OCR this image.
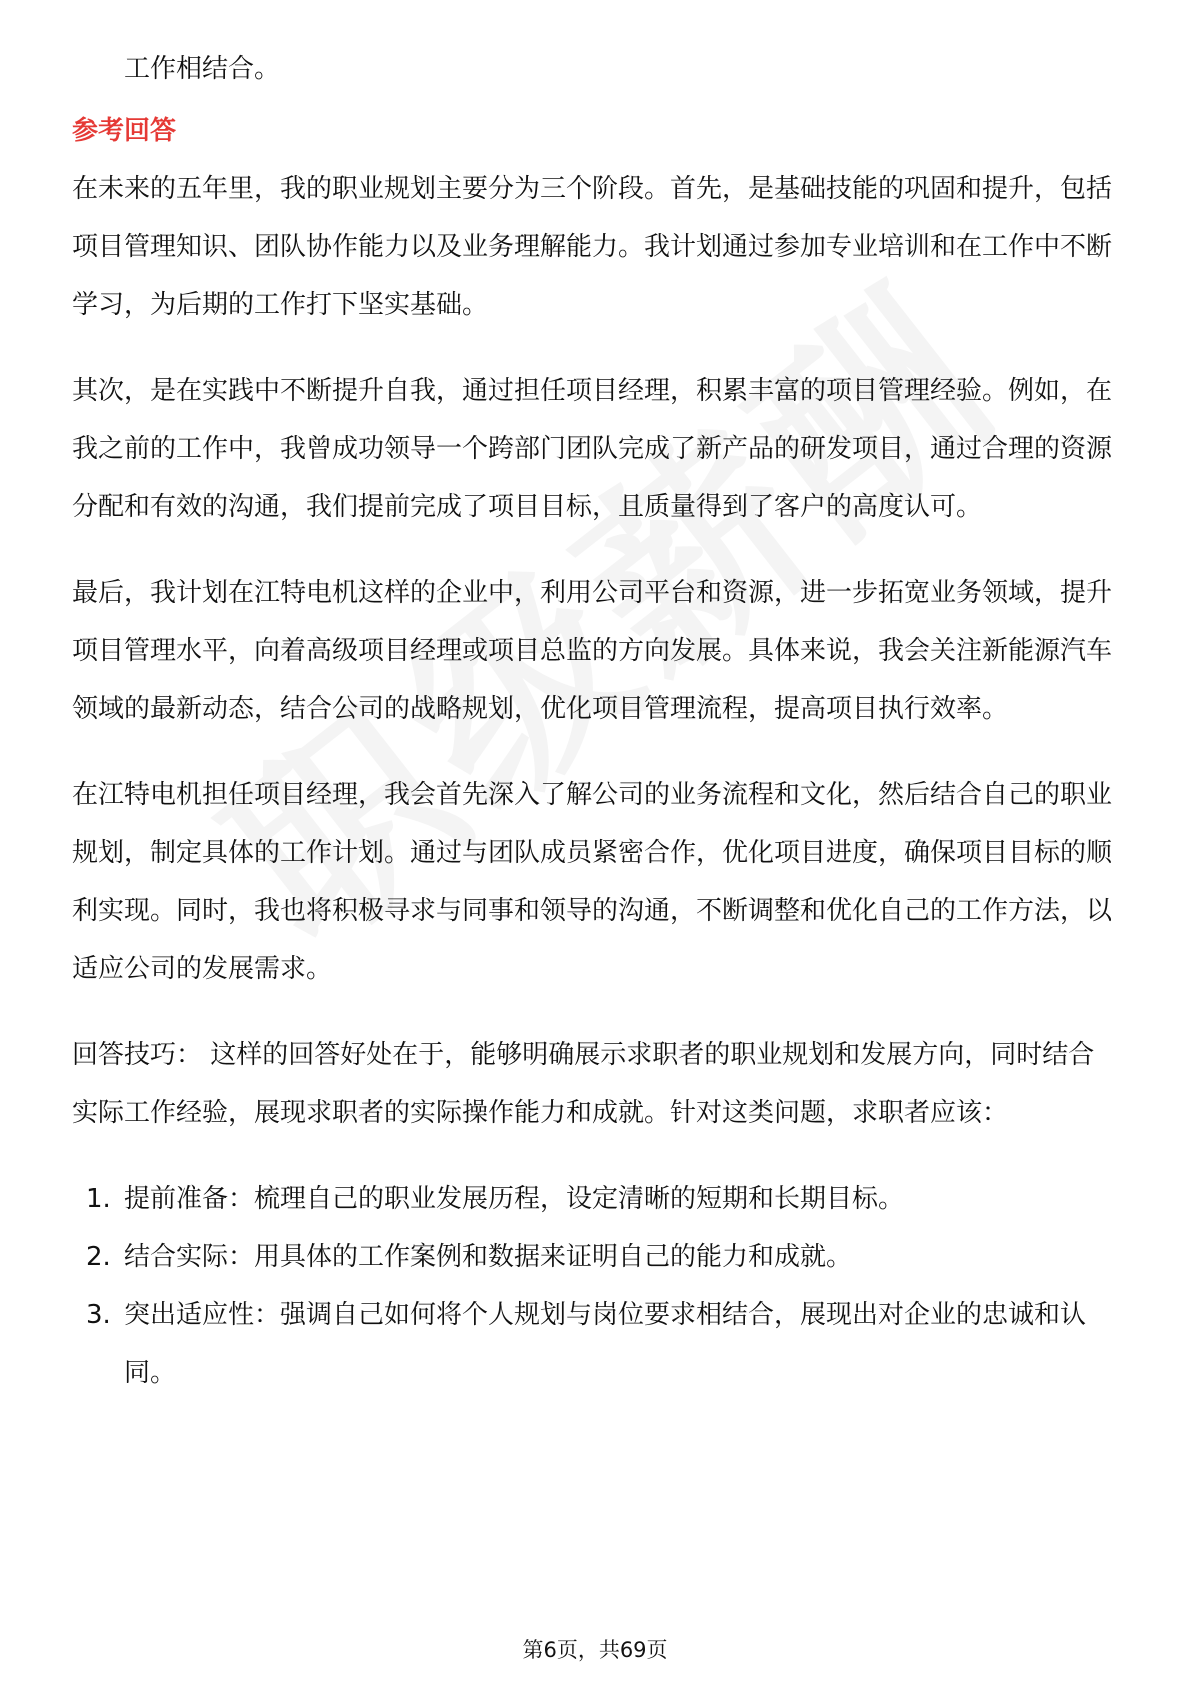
工作相结合。

参考回答

在未来的五年里，我的职业规划主要分为三个阶段。首先，是基础技能的巩固和提升，包括项目管理知识、团队协作能力以及业务理解能力。我计划通过参加专业培训和在工作中不断学习，为后期的工作打下坚实基础。

其次，是在实践中不断提升自我，通过担任项目经理，积累丰富的项目管理经验。例如，在我之前的工作中，我曾成功领导一个跨部门团队完成了新产品的研发项目，通过合理的资源分配和有效的沟通，我们提前完成了项目目标，且质量得到了客户的高度认可。

最后，我计划在江特电机这样的企业中，利用公司平台和资源，进一步拓宽业务领域，提升项目管理水平，向着高级项目经理或项目总监的方向发展。具体来说，我会关注新能源汽车领域的最新动态，结合公司的战略规划，优化项目管理流程，提高项目执行效率。

在江特电机担任项目经理，我会首先深入了解公司的业务流程和文化，然后结合自己的职业规划，制定具体的工作计划。通过与团队成员紧密合作，优化项目进度，确保项目目标的顺利实现。同时，我也将积极寻求与同事和领导的沟通，不断调整和优化自己的工作方法，以适应公司的发展需求。

回答技巧： 这样的回答好处在于，能够明确展示求职者的职业规划和发展方向，同时结合实际工作经验，展现求职者的实际操作能力和成就。针对这类问题，求职者应该：

1. 提前准备：梳理自己的职业发展历程，设定清晰的短期和长期目标。
2. 结合实际：用具体的工作案例和数据来证明自己的能力和成就。
3. 突出适应性：强调自己如何将个人规划与岗位要求相结合，展现出对企业的忠诚和认同。
第6页，共69页
